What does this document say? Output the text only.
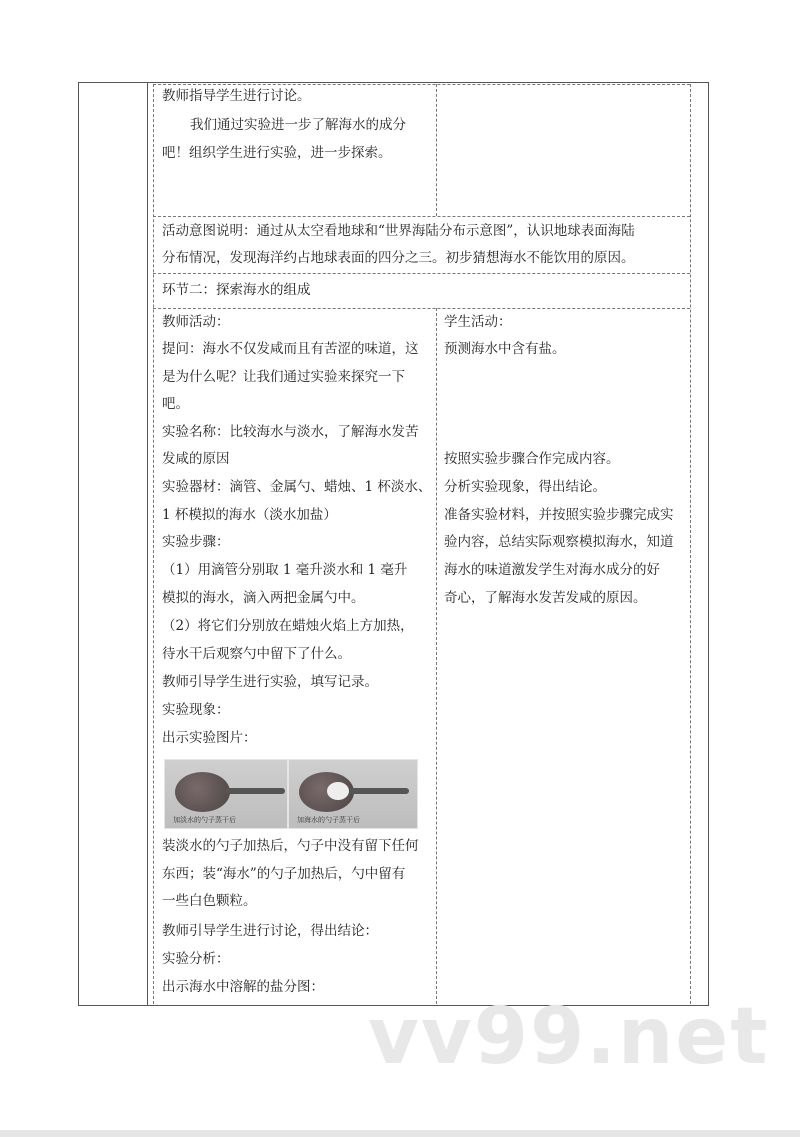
教师指导学生进行讨论。
我们通过实验进一步了解海水的成分
吧！组织学生进行实验，进一步探索。
活动意图说明：通过从太空看地球和“世界海陆分布示意图”，认识地球表面海陆
分布情况，发现海洋约占地球表面的四分之三。初步猜想海水不能饮用的原因。
环节二：探索海水的组成
加淡水的勺子蒸干后	加海水的勺子蒸干后
vv99.net
教师活动：
提问：海水不仅发咸而且有苦涩的味道，这
是为什么呢？让我们通过实验来探究一下
吧。
实验名称：比较海水与淡水，了解海水发苦
发咸的原因
实验器材：滴管、金属勺、蜡烛、1 杯淡水、
1 杯模拟的海水（淡水加盐）
实验步骤：
（1）用滴管分别取 1 毫升淡水和 1 毫升
模拟的海水，滴入两把金属勺中。
（2）将它们分别放在蜡烛火焰上方加热，
待水干后观察勺中留下了什么。
教师引导学生进行实验，填写记录。
实验现象：
出示实验图片：
装淡水的勺子加热后，勺子中没有留下任何
东西；装“海水”的勺子加热后，勺中留有
一些白色颗粒。
教师引导学生进行讨论，得出结论：
实验分析：
出示海水中溶解的盐分图：
学生活动：
预测海水中含有盐。
按照实验步骤合作完成内容。
分析实验现象，得出结论。
准备实验材料，并按照实验步骤完成实
验内容，总结实际观察模拟海水，知道
海水的味道激发学生对海水成分的好
奇心，了解海水发苦发咸的原因。
